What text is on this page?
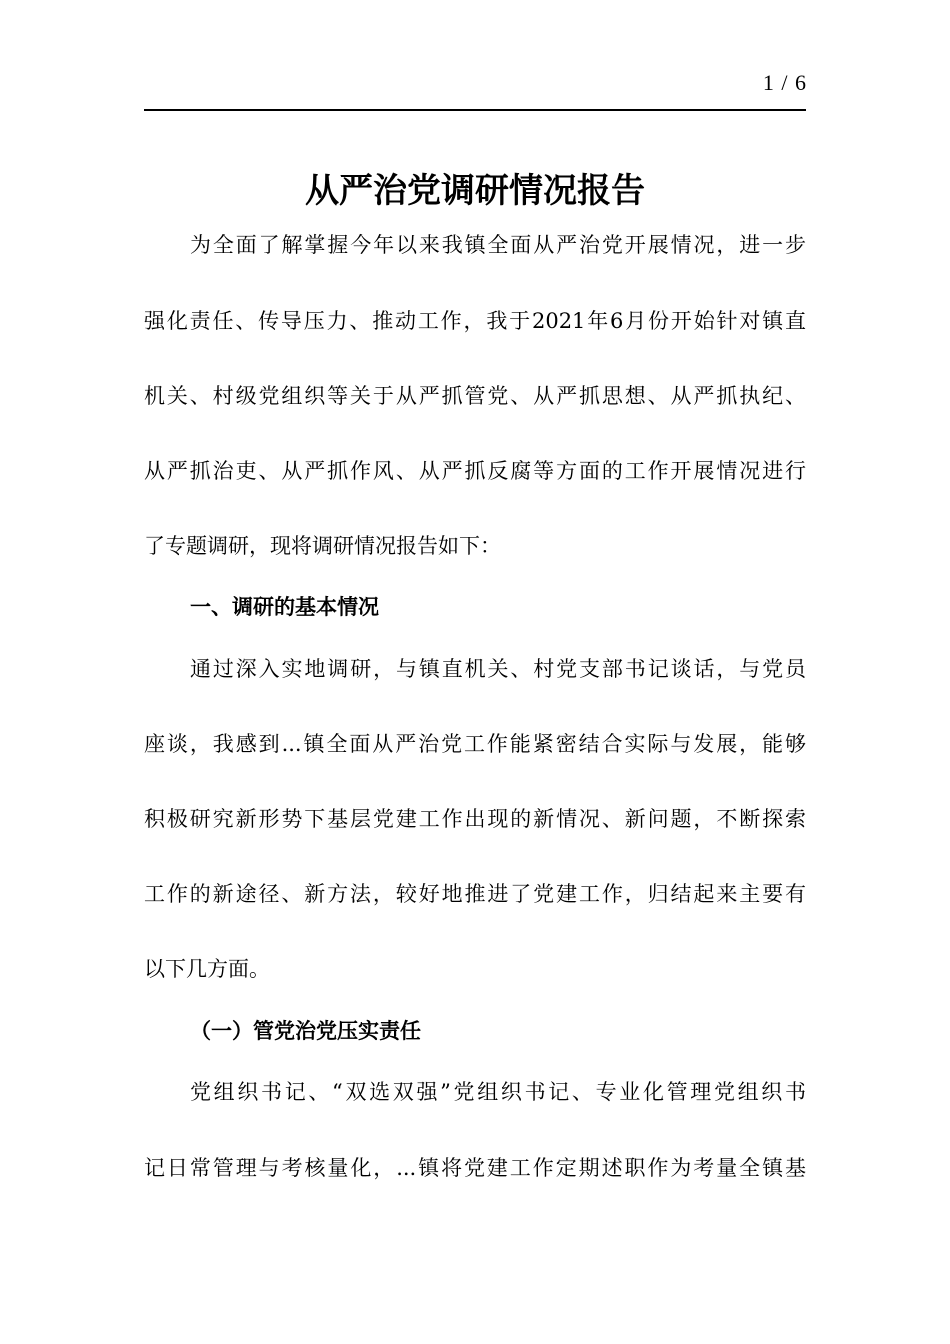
1 / 6
从严治党调研情况报告
为全面了解掌握今年以来我镇全面从严治党开展情况，进一步
强化责任、传导压力、推动工作，我于2021年6月份开始针对镇直
机关、村级党组织等关于从严抓管党、从严抓思想、从严抓执纪、
从严抓治吏、从严抓作风、从严抓反腐等方面的工作开展情况进行
了专题调研，现将调研情况报告如下：
一、调研的基本情况
通过深入实地调研，与镇直机关、村党支部书记谈话，与党员
座谈，我感到...镇全面从严治党工作能紧密结合实际与发展，能够
积极研究新形势下基层党建工作出现的新情况、新问题，不断探索
工作的新途径、新方法，较好地推进了党建工作，归结起来主要有
以下几方面。
（一）管党治党压实责任
党组织书记、“双选双强”党组织书记、专业化管理党组织书
记日常管理与考核量化，...镇将党建工作定期述职作为考量全镇基
